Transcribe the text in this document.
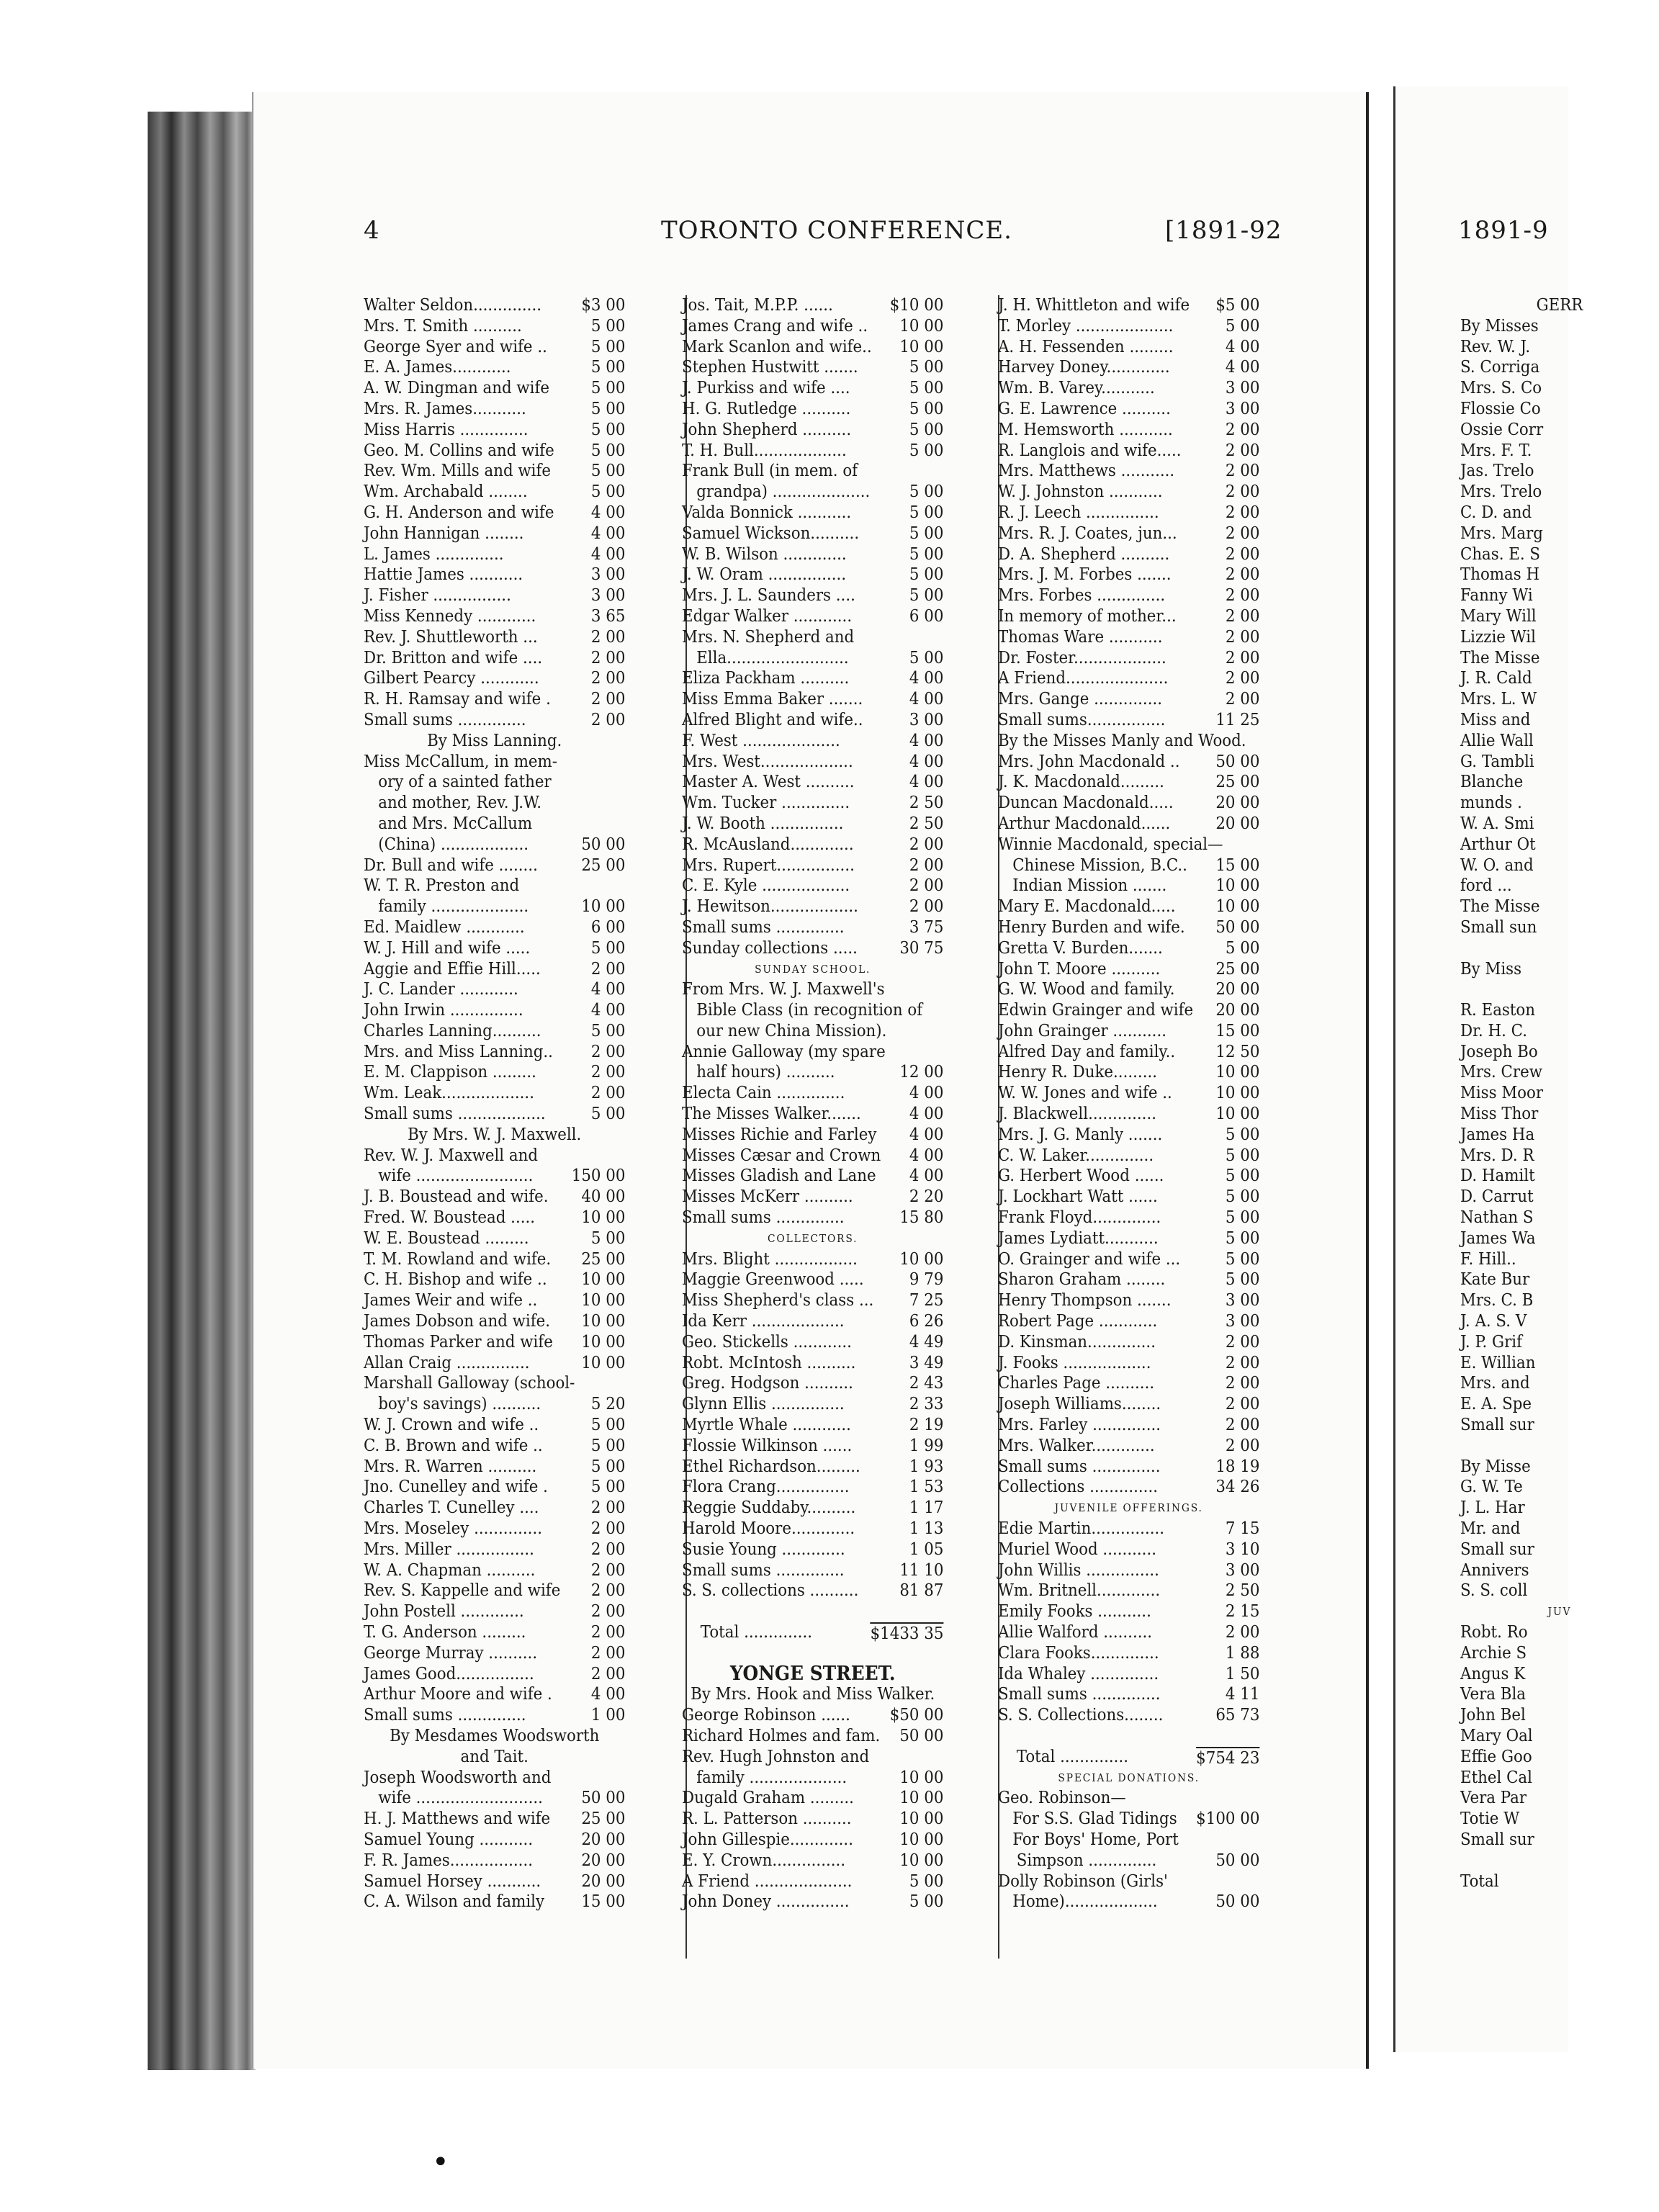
4	TORONTO CONFERENCE.	[1891-92	1891-9
Walter Seldon.............. $3 00
Mrs. T. Smith ..........	5 00
George Syer and wife ..	5 00
E. A. James............	5 00
A. W. Dingman and wife 5 00
Mrs. R. James...........	5 00
Miss Harris ..............	5 00
Geo. M. Collins and wife 5 00
Rev. Wm. Mills and wife 5 00
Wm. Archabald ........	5 00
G. H. Anderson and wife 4 00
John Hannigan ........	4 00
L. James ..............	4 00
Hattie James ...........	3 00
J. Fisher ................	3 00
Miss Kennedy ............	3 65
Rev. J. Shuttleworth ...	2 00
Dr. Britton and wife ....	2 00
Gilbert Pearcy ............	2 00
R. H. Ramsay and wife . 2 00
Small sums ..............	2 00
By Miss Lanning.
Miss McCallum, in mem-
ory of a sainted father
and mother, Rev. J.W.
and Mrs. McCallum
(China) ..................	50 00
Dr. Bull and wife ........	25 00
W. T. R. Preston and
family ....................	10 00
Ed. Maidlew ............	6 00
W. J. Hill and wife .....	5 00
Aggie and Effie Hill.....	2 00
J. C. Lander ............	4 00
John Irwin ...............	4 00
Charles Lanning..........	5 00
Mrs. and Miss Lanning.. 2 00
E. M. Clappison .........	2 00
Wm. Leak...................	2 00
Small sums ..................	5 00
By Mrs. W. J. Maxwell.
Rev. W. J. Maxwell and
wife ........................ 150 00
J. B. Boustead and wife. 40 00
Fred. W. Boustead .....	10 00
W. E. Boustead .........	5 00
T. M. Rowland and wife. 25 00
C. H. Bishop and wife .. 10 00
James Weir and wife ..	10 00
James Dobson and wife. 10 00
Thomas Parker and wife 10 00
Allan Craig ...............	10 00
Marshall Galloway (school-
boy's savings) ..........	5 20
W. J. Crown and wife ..	5 00
C. B. Brown and wife ..	5 00
Mrs. R. Warren ..........	5 00
Jno. Cunelley and wife .	5 00
Charles T. Cunelley ....	2 00
Mrs. Moseley ..............	2 00
Mrs. Miller ................	2 00
W. A. Chapman ..........	2 00
Rev. S. Kappelle and wife 2 00
John Postell .............	2 00
T. G. Anderson .........	2 00
George Murray ..........	2 00
James Good................	2 00
Arthur Moore and wife . 4 00
Small sums ..............	1 00
By Mesdames Woodsworth
and Tait.
Joseph Woodsworth and
wife .......................... 50 00
H. J. Matthews and wife 25 00
Samuel Young ...........	20 00
F. R. James.................	20 00
Samuel Horsey ........... 20 00
C. A. Wilson and family 15 00
Jos. Tait, M.P.P. ......	$10 00
James Crang and wife .. 10 00
Mark Scanlon and wife.. 10 00
Stephen Hustwitt .......	5 00
J. Purkiss and wife ....	5 00
H. G. Rutledge ..........	5 00
John Shepherd ..........	5 00
T. H. Bull...................	5 00
Frank Bull (in mem. of
grandpa) .................... 5 00
Valda Bonnick ...........	5 00
Samuel Wickson..........	5 00
W. B. Wilson .............	5 00
J. W. Oram ................	5 00
Mrs. J. L. Saunders ....	5 00
Edgar Walker ............	6 00
Mrs. N. Shepherd and
Ella.........................	5 00
Eliza Packham ..........	4 00
Miss Emma Baker .......	4 00
Alfred Blight and wife..	3 00
F. West ....................	4 00
Mrs. West...................	4 00
Master A. West ..........	4 00
Wm. Tucker ..............	2 50
J. W. Booth ...............	2 50
R. McAusland.............	2 00
Mrs. Rupert................	2 00
C. E. Kyle ..................	2 00
J. Hewitson..................	2 00
Small sums ..............	3 75
Sunday collections .....	30 75
SUNDAY SCHOOL.
From Mrs. W. J. Maxwell's
Bible Class (in recognition of
our new China Mission).
Annie Galloway (my spare
half hours) ..........	12 00
Electa Cain ..............	4 00
The Misses Walker.......	4 00
Misses Richie and Farley 4 00
Misses Cæsar and Crown 4 00
Misses Gladish and Lane 4 00
Misses McKerr ..........	2 20
Small sums ..............	15 80
COLLECTORS.
Mrs. Blight .................	10 00
Maggie Greenwood .....	9 79
Miss Shepherd's class ... 7 25
Ida Kerr ...................	6 26
Geo. Stickells ............	4 49
Robt. McIntosh ..........	3 49
Greg. Hodgson ..........	2 43
Glynn Ellis ...............	2 33
Myrtle Whale ............	2 19
Flossie Wilkinson ......	1 99
Ethel Richardson.........	1 93
Flora Crang...............	1 53
Reggie Suddaby..........	1 17
Harold Moore.............	1 13
Susie Young .............	1 05
Small sums ..............	11 10
S. S. collections .......... 81 87
Total ..............	$1433 35
YONGE STREET.
By Mrs. Hook and Miss Walker.
George Robinson ...... $50 00
Richard Holmes and fam. 50 00
Rev. Hugh Johnston and
family ....................	10 00
Dugald Graham .........	10 00
R. L. Patterson ..........	10 00
John Gillespie.............	10 00
E. Y. Crown...............	10 00
A Friend ....................	5 00
John Doney ...............	5 00
J. H. Whittleton and wife $5 00
T. Morley ....................	5 00
A. H. Fessenden .........	4 00
Harvey Doney.............	4 00
Wm. B. Varey...........	3 00
G. E. Lawrence ..........	3 00
M. Hemsworth ...........	2 00
R. Langlois and wife.....	2 00
Mrs. Matthews ...........	2 00
W. J. Johnston ...........	2 00
R. J. Leech ...............	2 00
Mrs. R. J. Coates, jun...	2 00
D. A. Shepherd ..........	2 00
Mrs. J. M. Forbes .......	2 00
Mrs. Forbes ..............	2 00
In memory of mother...	2 00
Thomas Ware ...........	2 00
Dr. Foster...................	2 00
A Friend.....................	2 00
Mrs. Gange ..............	2 00
Small sums................	11 25
By the Misses Manly and Wood.
Mrs. John Macdonald .. 50 00
J. K. Macdonald.........	25 00
Duncan Macdonald.....	20 00
Arthur Macdonald......	20 00
Winnie Macdonald, special—
Chinese Mission, B.C.. 15 00
Indian Mission .......	10 00
Mary E. Macdonald..... 10 00
Henry Burden and wife. 50 00
Gretta V. Burden.......	5 00
John T. Moore ..........	25 00
G. W. Wood and family. 20 00
Edwin Grainger and wife 20 00
John Grainger ...........	15 00
Alfred Day and family.. 12 50
Henry R. Duke.........	10 00
W. W. Jones and wife ..	10 00
J. Blackwell..............	10 00
Mrs. J. G. Manly .......	5 00
C. W. Laker..............	5 00
G. Herbert Wood ......	5 00
J. Lockhart Watt ......	5 00
Frank Floyd..............	5 00
James Lydiatt...........	5 00
O. Grainger and wife ...	5 00
Sharon Graham ........	5 00
Henry Thompson .......	3 00
Robert Page ............	3 00
D. Kinsman..............	2 00
J. Fooks ..................	2 00
Charles Page ..........	2 00
Joseph Williams........	2 00
Mrs. Farley ..............	2 00
Mrs. Walker.............	2 00
Small sums ..............	18 19
Collections ..............	34 26
JUVENILE OFFERINGS.
Edie Martin...............	7 15
Muriel Wood ...........	3 10
John Willis ...............	3 00
Wm. Britnell.............	2 50
Emily Fooks ...........	2 15
Allie Walford ..........	2 00
Clara Fooks..............	1 88
Ida Whaley ..............	1 50
Small sums ..............	4 11
S. S. Collections........	65 73
Total ..............	$754 23
SPECIAL DONATIONS.
Geo. Robinson—
For S.S. Glad Tidings $100 00
For Boys' Home, Port
Simpson ..............	50 00
Dolly Robinson (Girls'
Home)...................	50 00
GERR
By Misses
Rev. W. J.
S. Corriga
Mrs. S. Co
Flossie Co
Ossie Corr
Mrs. F. T.
Jas. Trelo
Mrs. Trelo
C. D. and
Mrs. Marg
Chas. E. S
Thomas H
Fanny Wi
Mary Will
Lizzie Wil
The Misse
J. R. Cald
Mrs. L. W
Miss and
Allie Wall
G. Tambli
Blanche
munds .
W. A. Smi
Arthur Ot
W. O. and
ford ...
The Misse
Small sun
By Miss
R. Easton
Dr. H. C.
Joseph Bo
Mrs. Crew
Miss Moor
Miss Thor
James Ha
Mrs. D. R
D. Hamilt
D. Carrut
Nathan S
James Wa
F. Hill..
Kate Bur
Mrs. C. B
J. A. S. V
J. P. Grif
E. Willian
Mrs. and
E. A. Spe
Small sur
By Misse
G. W. Te
J. L. Har
Mr. and
Small sur
Annivers
S. S. coll
JUV
Robt. Ro
Archie S
Angus K
Vera Bla
John Bel
Mary Oal
Effie Goo
Ethel Cal
Vera Par
Totie W
Small sur
Total
•
